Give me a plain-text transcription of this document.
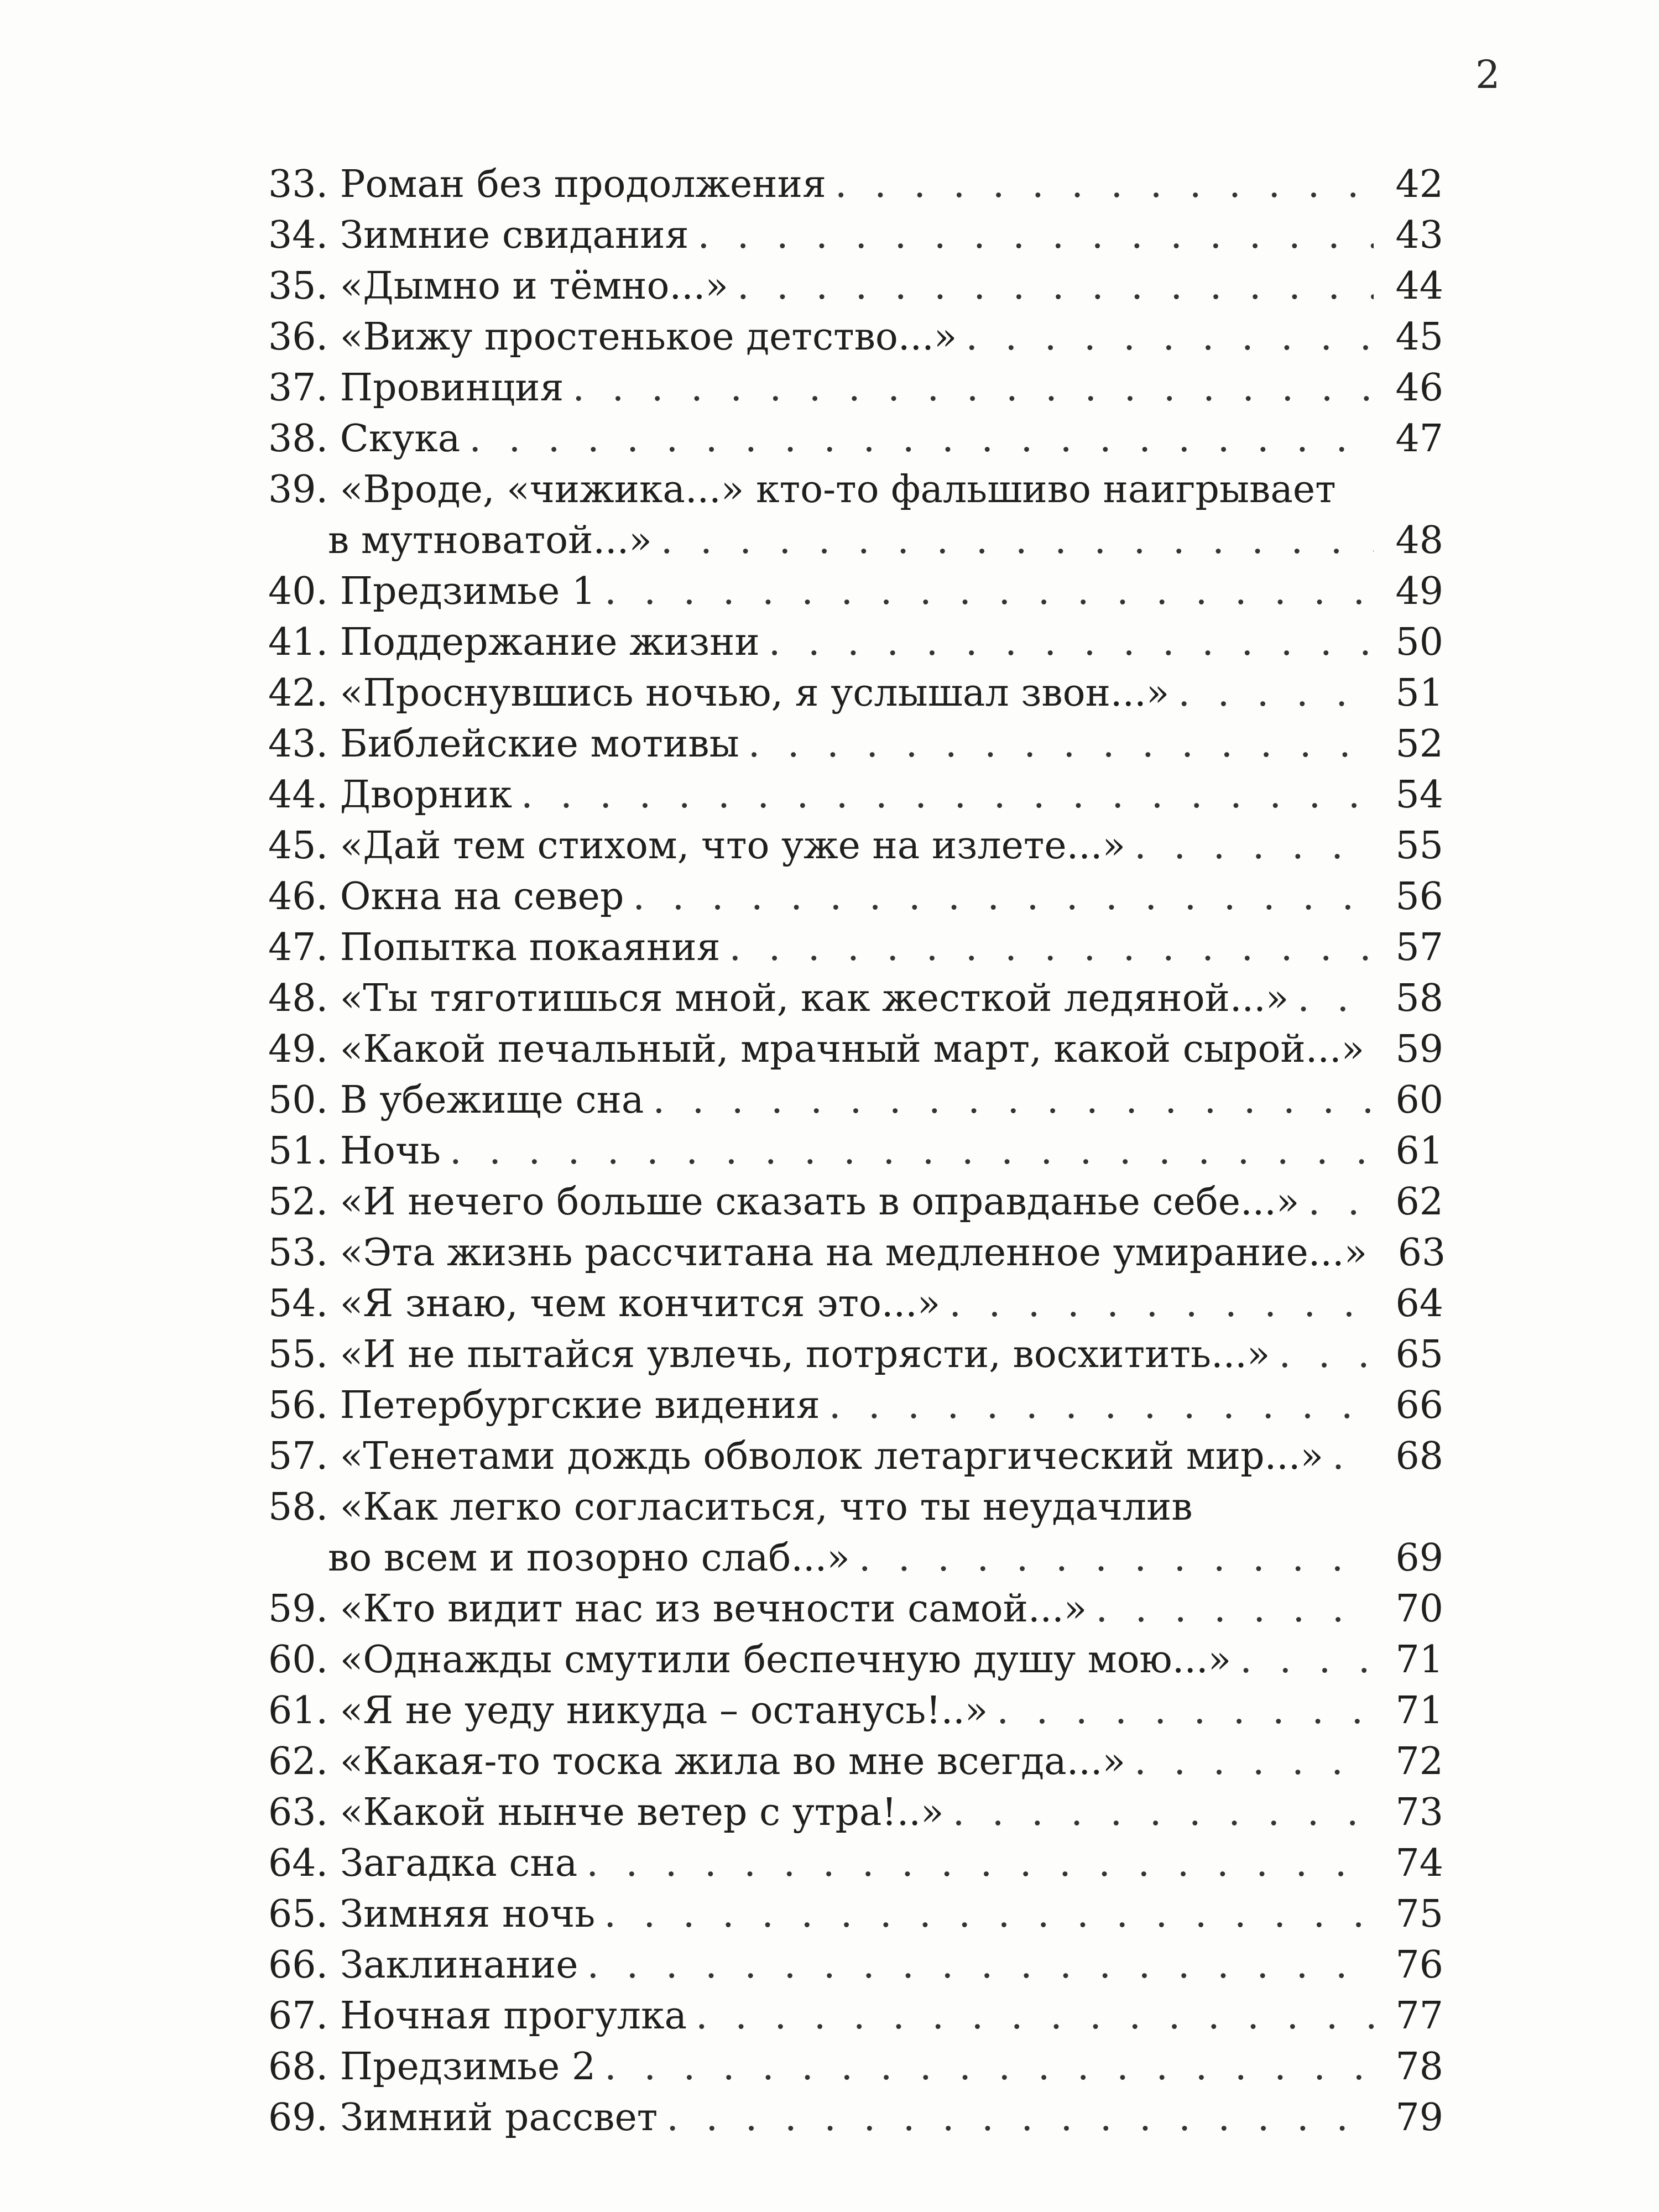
2
33. Роман без продолжения . . .	42
34. Зимние свидания . . .	43
35. «Дымно и тёмно...» . . .	44
36. «Вижу простенькое детство...» . . .	45
37. Провинция . . .	46
38. Скука . . .	47
39. «Вроде, «чижика...» кто-то фальшиво наигрывает
в мутноватой...» . . .	48
40. Предзимье 1 . . .	49
41. Поддержание жизни . . .	50
42. «Проснувшись ночью, я услышал звон...» . . .	51
43. Библейские мотивы . . .	52
44. Дворник . . .	54
45. «Дай тем стихом, что уже на излете...» . . .	55
46. Окна на север . . .	56
47. Попытка покаяния . . .	57
48. «Ты тяготишься мной, как жесткой ледяной...» . . .	58
49. «Какой печальный, мрачный март, какой сырой...» . . . 59
50. В убежище сна . . .	60
51. Ночь . . .	61
52. «И нечего больше сказать в оправданье себе...» . . .	62
53. «Эта жизнь рассчитана на медленное умирание...» 63
54. «Я знаю, чем кончится это...» . . .	64
55. «И не пытайся увлечь, потрясти, восхитить...» . . .	65
56. Петербургские видения . . .	66
57. «Тенетами дождь обволок летаргический мир...» . . .	68
58. «Как легко согласиться, что ты неудачлив
во всем и позорно слаб...» . . .	69
59. «Кто видит нас из вечности самой...» . . .	70
60. «Однажды смутили беспечную душу мою...» . . .	71
61. «Я не уеду никуда – останусь!..» . . .	71
62. «Какая-то тоска жила во мне всегда...» . . .	72
63. «Какой нынче ветер с утра!..» . . .	73
64. Загадка сна . . .	74
65. Зимняя ночь . . .	75
66. Заклинание . . .	76
67. Ночная прогулка . . .	77
68. Предзимье 2 . . .	78
69. Зимний рассвет . . .	79
